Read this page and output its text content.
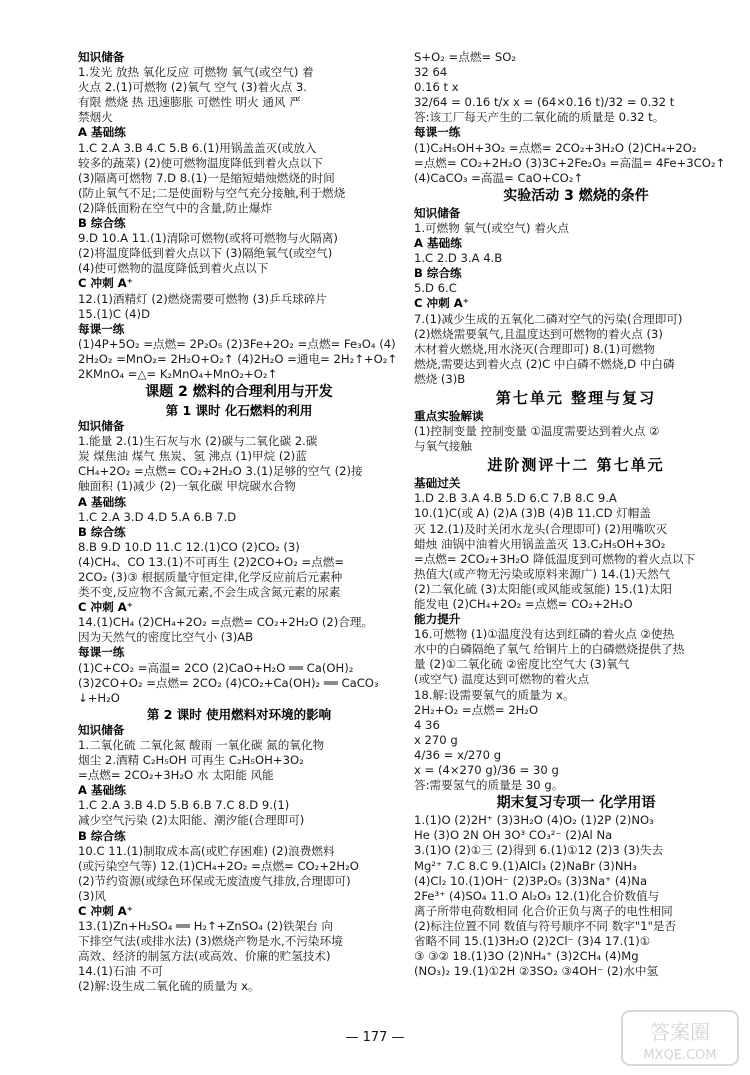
知识储备
1.发光 放热 氧化反应 可燃物 氧气(或空气) 着
火点 2.(1)可燃物 (2)氧气 空气 (3)着火点 3.
有限 燃烧 热 迅速膨胀 可燃性 明火 通风 严
禁烟火
A 基础练
1.C 2.A 3.B 4.C 5.B 6.(1)用锅盖盖灭(或放入
较多的蔬菜) (2)使可燃物温度降低到着火点以下
(3)隔离可燃物 7.D 8.(1)一是缩短蜡烛燃烧的时间
(防止氧气不足;二是使面粉与空气充分接触,利于燃烧
(2)降低面粉在空气中的含量,防止爆炸
B 综合练
9.D 10.A 11.(1)清除可燃物(或将可燃物与火隔离)
(2)将温度降低到着火点以下 (3)隔绝氧气(或空气)
(4)使可燃物的温度降低到着火点以下
C 冲刺 A⁺
12.(1)酒精灯 (2)燃烧需要可燃物 (3)乒乓球碎片
15.(1)C (4)D
每课一练
(1)4P+5O₂ =点燃= 2P₂O₅ (2)3Fe+2O₂ =点燃= Fe₃O₄ (4)
2H₂O₂ =MnO₂= 2H₂O+O₂↑ (4)2H₂O =通电= 2H₂↑+O₂↑
2KMnO₄ =△= K₂MnO₄+MnO₂+O₂↑
课题 2 燃料的合理利用与开发
第 1 课时 化石燃料的利用
知识储备
1.能量 2.(1)生石灰与水 (2)碳与二氧化碳 2.碳
炭 煤焦油 煤气 焦炭、氢 沸点 (1)甲烷 (2)蓝
CH₄+2O₂ =点燃= CO₂+2H₂O 3.(1)足够的空气 (2)接
触面积 (1)减少 (2)一氧化碳 甲烷碳水合物
A 基础练
1.C 2.A 3.D 4.D 5.A 6.B 7.D
B 综合练
8.B 9.D 10.D 11.C 12.(1)CO (2)CO₂ (3)
(4)CH₄、CO 13.(1)不可再生 (2)2CO+O₂ =点燃=
2CO₂ (3)③ 根据质量守恒定律,化学反应前后元素种
类不变,反应物不含氮元素,不会生成含氮元素的尿素
C 冲刺 A⁺
14.(1)CH₄ (2)CH₄+2O₂ =点燃= CO₂+2H₂O (2)合理。
因为天然气的密度比空气小 (3)AB
每课一练
(1)C+CO₂ =高温= 2CO (2)CaO+H₂O ══ Ca(OH)₂
(3)2CO+O₂ =点燃= 2CO₂ (4)CO₂+Ca(OH)₂ ══ CaCO₃
↓+H₂O
第 2 课时 使用燃料对环境的影响
知识储备
1.二氧化硫 二氧化氮 酸雨 一氧化碳 氮的氧化物
烟尘 2.酒精 C₂H₅OH 可再生 C₂H₅OH+3O₂
=点燃= 2CO₂+3H₂O 水 太阳能 风能
A 基础练
1.C 2.A 3.B 4.D 5.B 6.B 7.C 8.D 9.(1)
减少空气污染 (2)太阳能、潮汐能(合理即可)
B 综合练
10.C 11.(1)制取成本高(或贮存困难) (2)浪费燃料
(或污染空气等) 12.(1)CH₄+2O₂ =点燃= CO₂+2H₂O
(2)节约资源(或绿色环保或无废渣废气排放,合理即可)
(3)风
C 冲刺 A⁺
13.(1)Zn+H₂SO₄ ══ H₂↑+ZnSO₄ (2)铁架台 向
下排空气法(或排水法) (3)燃烧产物是水,不污染环境
高效、经济的制氢方法(或高效、价廉的贮氢技术)
14.(1)石油 不可
(2)解:设生成二氧化硫的质量为 x。
S+O₂ =点燃= SO₂
32 64
0.16 t x
32/64 = 0.16 t/x x = (64×0.16 t)/32 = 0.32 t
答:该工厂每天产生的二氧化硫的质量是 0.32 t。
每课一练
(1)C₂H₅OH+3O₂ =点燃= 2CO₂+3H₂O (2)CH₄+2O₂
=点燃= CO₂+2H₂O (3)3C+2Fe₂O₃ =高温= 4Fe+3CO₂↑
(4)CaCO₃ =高温= CaO+CO₂↑
实验活动 3 燃烧的条件
知识储备
1.可燃物 氧气(或空气) 着火点
A 基础练
1.C 2.D 3.A 4.B
B 综合练
5.D 6.C
C 冲刺 A⁺
7.(1)减少生成的五氧化二磷对空气的污染(合理即可)
(2)燃烧需要氧气,且温度达到可燃物的着火点 (3)
木材着火燃烧,用水浇灭(合理即可) 8.(1)可燃物
燃烧,需要达到着火点 (2)C 中白磷不燃烧,D 中白磷
燃烧 (3)B
第七单元 整理与复习
重点实验解读
(1)控制变量 控制变量 ①温度需要达到着火点 ②
与氧气接触
进阶测评十二 第七单元
基础过关
1.D 2.B 3.A 4.B 5.D 6.C 7.B 8.C 9.A
10.(1)C(或 A) (2)A (3)B (4)B 11.CD 灯帽盖
灭 12.(1)及时关闭水龙头(合理即可) (2)用嘴吹灭
蜡烛 油锅中油着火用锅盖盖灭 13.C₂H₅OH+3O₂
=点燃= 2CO₂+3H₂O 降低温度到可燃物的着火点以下
热值大(或产物无污染或原料来源广) 14.(1)天然气
(2)二氧化硫 (3)太阳能(或风能或氢能) 15.(1)太阳
能发电 (2)CH₄+2O₂ =点燃= CO₂+2H₂O
能力提升
16.可燃物 (1)①温度没有达到红磷的着火点 ②使热
水中的白磷隔绝了氧气 给铜片上的白磷燃烧提供了热
量 (2)①二氧化硫 ②密度比空气大 (3)氧气
(或空气) 温度达到可燃物的着火点
18.解:设需要氧气的质量为 x。
2H₂+O₂ =点燃= 2H₂O
4 36
x 270 g
4/36 = x/270 g
x = (4×270 g)/36 = 30 g
答:需要氢气的质量是 30 g。
期末复习专项一 化学用语
1.(1)O (2)2H⁺ (3)3H₂O (4)O₂ (1)2P (2)NO₃
He (3)O 2N OH 3O³ CO₃²⁻ (2)Al Na
3.(1)O (2)①三 (2)得到 6.(1)①12 (2)3 (3)失去
Mg²⁺ 7.C 8.C 9.(1)AlCl₃ (2)NaBr (3)NH₃
(4)Cl₂ 10.(1)OH⁻ (2)3P₂O₅ (3)3Na⁺ (4)Na
2Fe³⁺ (4)SO₄ 11.O Al₂O₃ 12.(1)化合价数值与
离子所带电荷数相同 化合价正负与离子的电性相同
(2)标注位置不同 数值与符号顺序不同 数字"1"是否
省略不同 15.(1)3H₂O (2)2Cl⁻ (3)4 17.(1)①
③ ③② 18.(1)3O (2)NH₄⁺ (3)2CH₄ (4)Mg
(NO₃)₂ 19.(1)①2H ②3SO₂ ③4OH⁻ (2)水中氢
— 177 —	答案圈
MXQE.COM
